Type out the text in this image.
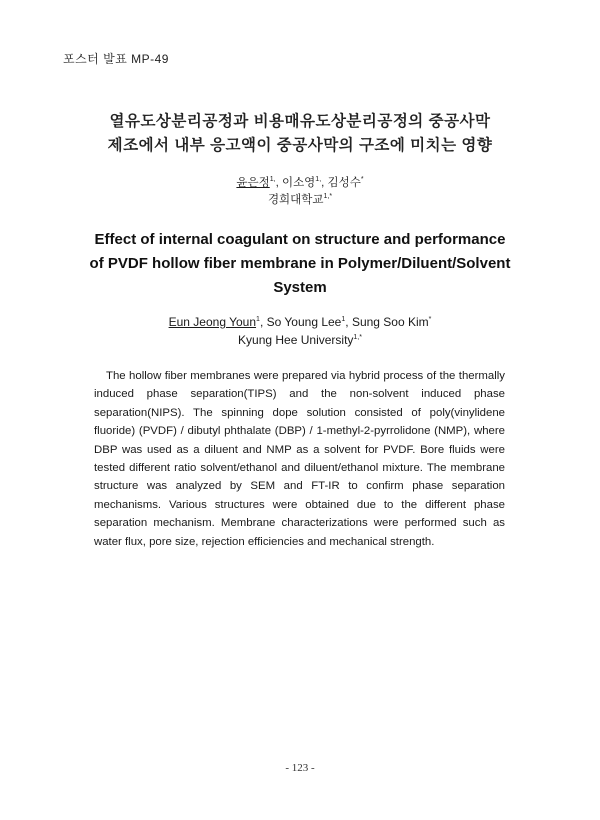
포스터 발표 MP-49
열유도상분리공정과 비용매유도상분리공정의 중공사막
제조에서 내부 응고액이 중공사막의 구조에 미치는 영향
윤은정$^{1,}$, 이소영$^{1,}$, 김성수*
경희대학교$^{1,*}$
Effect of internal coagulant on structure and performance
of PVDF hollow fiber membrane in Polymer/Diluent/Solvent
System
Eun Jeong Youn$^1$, So Young Lee$^1$, Sung Soo Kim*
Kyung Hee University$^{1,*}$

The hollow fiber membranes were prepared via hybrid process of the thermally induced phase separation(TIPS) and the non-solvent induced phase separation(NIPS). The spinning dope solution consisted of poly(vinylidene fluoride) (PVDF) / dibutyl phthalate (DBP) / 1-methyl-2-pyrrolidone (NMP), where DBP was used as a diluent and NMP as a solvent for PVDF. Bore fluids were tested different ratio solvent/ethanol and diluent/ethanol mixture. The membrane structure was analyzed by SEM and FT-IR to confirm phase separation mechanisms. Various structures were obtained due to the different phase separation mechanism. Membrane characterizations were performed such as water flux, pore size, rejection efficiencies and mechanical strength.

- 123 -
